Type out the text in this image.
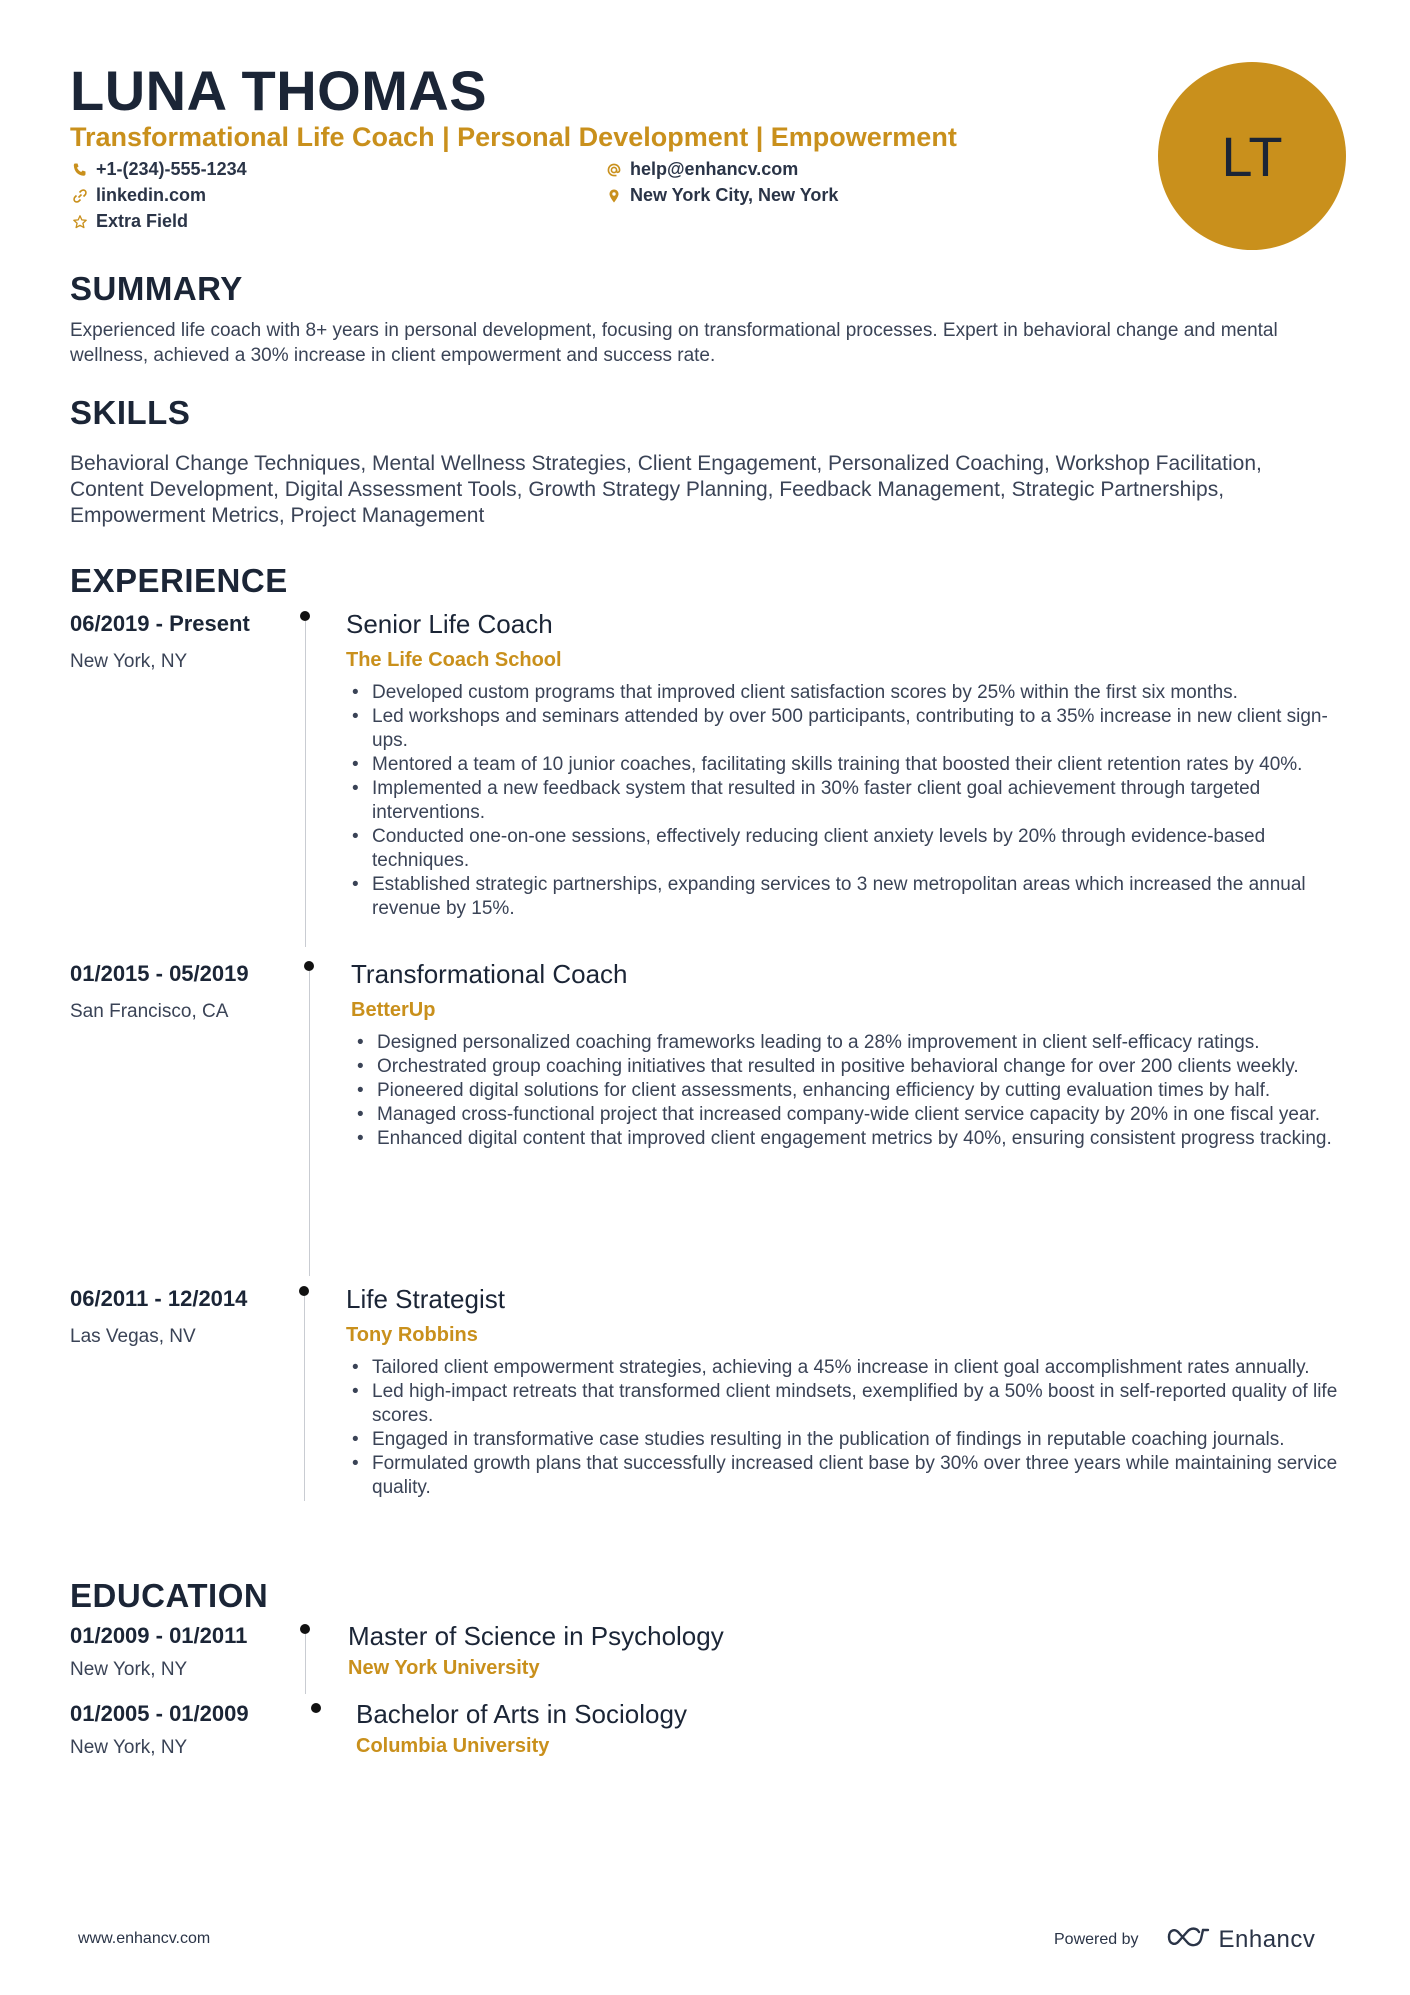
LUNA THOMAS
Transformational Life Coach | Personal Development | Empowerment
+1-(234)-555-1234	help@enhancv.com
linkedin.com	New York City, New York
Extra Field
LT
SUMMARY
Experienced life coach with 8+ years in personal development, focusing on transformational processes. Expert in behavioral change and mental wellness, achieved a 30% increase in client empowerment and success rate.
SKILLS
Behavioral Change Techniques, Mental Wellness Strategies, Client Engagement, Personalized Coaching, Workshop Facilitation, Content Development, Digital Assessment Tools, Growth Strategy Planning, Feedback Management, Strategic Partnerships, Empowerment Metrics, Project Management
EXPERIENCE
06/2019 - Present
New York, NY
Senior Life Coach
The Life Coach School
• Developed custom programs that improved client satisfaction scores by 25% within the first six months.
• Led workshops and seminars attended by over 500 participants, contributing to a 35% increase in new client sign-ups.
• Mentored a team of 10 junior coaches, facilitating skills training that boosted their client retention rates by 40%.
• Implemented a new feedback system that resulted in 30% faster client goal achievement through targeted interventions.
• Conducted one-on-one sessions, effectively reducing client anxiety levels by 20% through evidence-based techniques.
• Established strategic partnerships, expanding services to 3 new metropolitan areas which increased the annual revenue by 15%.
01/2015 - 05/2019
San Francisco, CA
Transformational Coach
BetterUp
• Designed personalized coaching frameworks leading to a 28% improvement in client self-efficacy ratings.
• Orchestrated group coaching initiatives that resulted in positive behavioral change for over 200 clients weekly.
• Pioneered digital solutions for client assessments, enhancing efficiency by cutting evaluation times by half.
• Managed cross-functional project that increased company-wide client service capacity by 20% in one fiscal year.
• Enhanced digital content that improved client engagement metrics by 40%, ensuring consistent progress tracking.
06/2011 - 12/2014
Las Vegas, NV
Life Strategist
Tony Robbins
• Tailored client empowerment strategies, achieving a 45% increase in client goal accomplishment rates annually.
• Led high-impact retreats that transformed client mindsets, exemplified by a 50% boost in self-reported quality of life scores.
• Engaged in transformative case studies resulting in the publication of findings in reputable coaching journals.
• Formulated growth plans that successfully increased client base by 30% over three years while maintaining service quality.
EDUCATION
01/2009 - 01/2011
New York, NY
Master of Science in Psychology
New York University
01/2005 - 01/2009
New York, NY
Bachelor of Arts in Sociology
Columbia University
www.enhancv.com	Powered by	Enhancv
